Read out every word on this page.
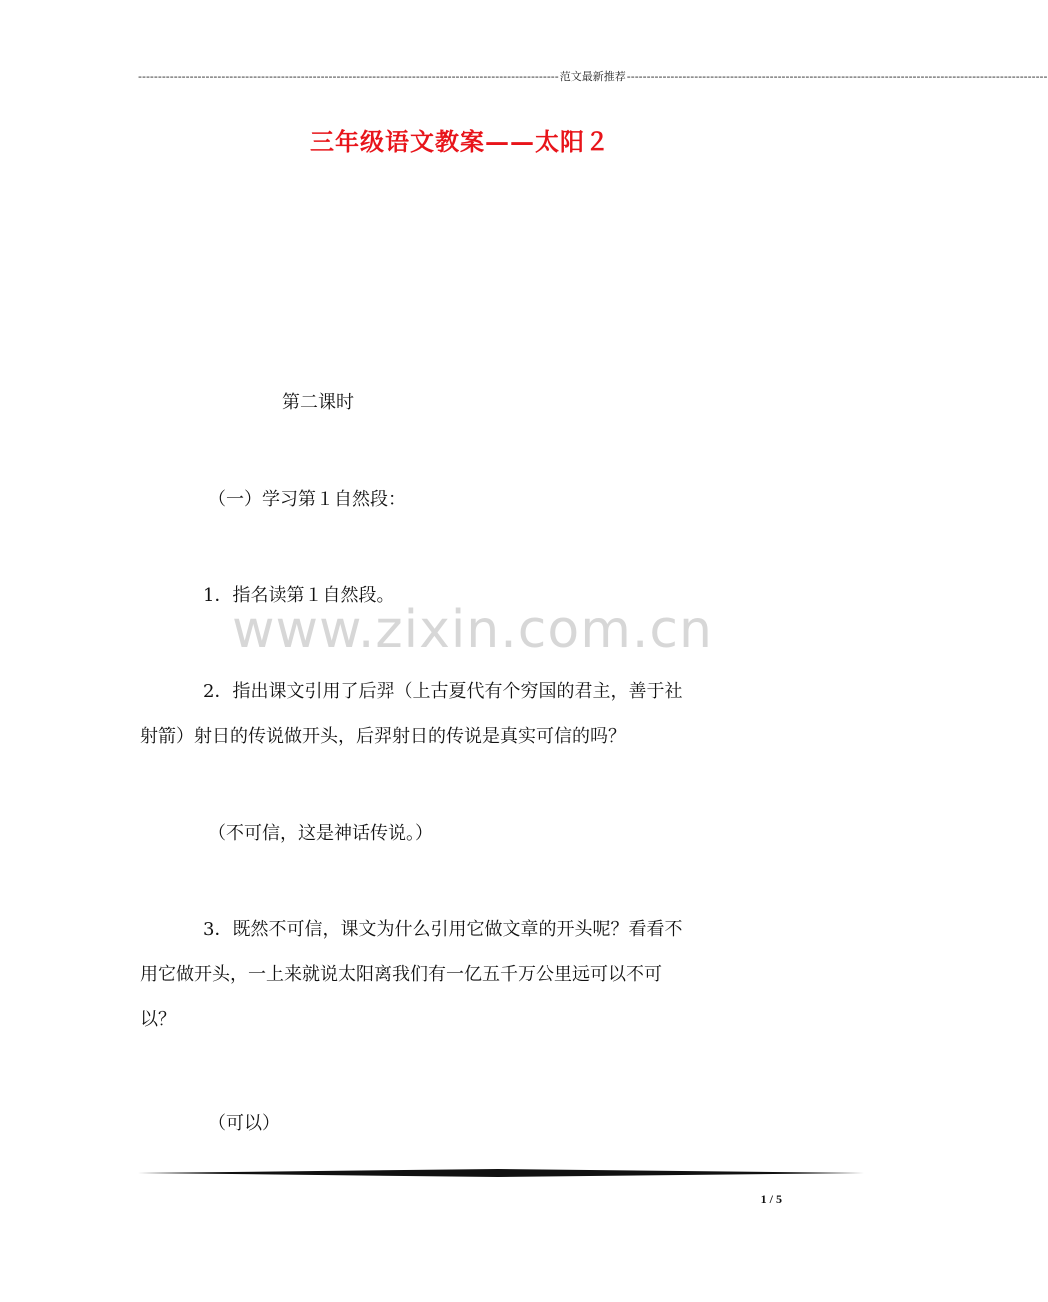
---------------------------------------------------------------------------------------------------------- 范文最新推荐 ----------------------------------------------------------------------------------------------------------
三年级语文教案——太阳２
第二课时
（一）学习第１自然段：
1．指名读第１自然段。
2．指出课文引用了后羿（上古夏代有个穷国的君主，善于社
射箭）射日的传说做开头，后羿射日的传说是真实可信的吗？
（不可信，这是神话传说。）
www.zixin.com.cn
3．既然不可信，课文为什么引用它做文章的开头呢？看看不
用它做开头，一上来就说太阳离我们有一亿五千万公里远可以不可
以？
（可以）
1 / 5
